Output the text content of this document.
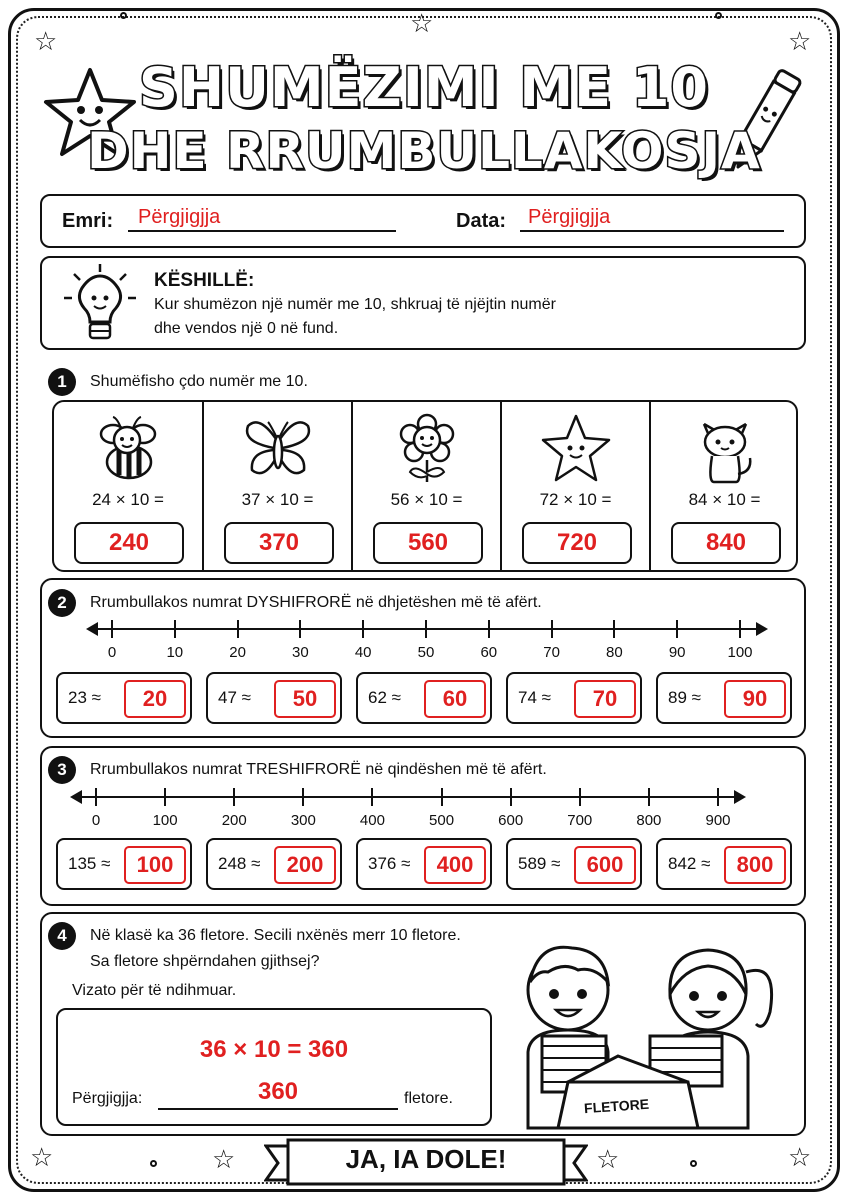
☆
☆
☆
☆	☆	☆	☆
SHUMËZIMI ME 10
DHE RRUMBULLAKOSJA
Emri: Përgjigjja	Data: Përgjigjja
KËSHILLË:
Kur shumëzon një numër me 10, shkruaj të njëjtin numër
dhe vendos një 0 në fund.
1	Shumëfisho çdo numër me 10.
24 × 10 =
240
37 × 10 =
370
56 × 10 =
560
72 × 10 =
720
84 × 10 =
840
2	Rrumbullakos numrat DYSHIFRORË në dhjetëshen më të afërt.
0	10	20	30	40	50	60	70	80	90	100
23 ≈	20	47 ≈	50	62 ≈	60	74 ≈	70	89 ≈	90
3	Rrumbullakos numrat TRESHIFRORË në qindëshen më të afërt.
0	100	200	300	400	500	600	700	800	900
135 ≈	100	248 ≈	200	376 ≈	400	589 ≈	600	842 ≈	800
4	Në klasë ka 36 fletore. Secili nxënës merr 10 fletore.
Sa fletore shpërndahen gjithsej?
Vizato për të ndihmuar.
36 × 10 = 360
Përgjigjja:	360	fletore.	FLETORE
JA, IA DOLE!
